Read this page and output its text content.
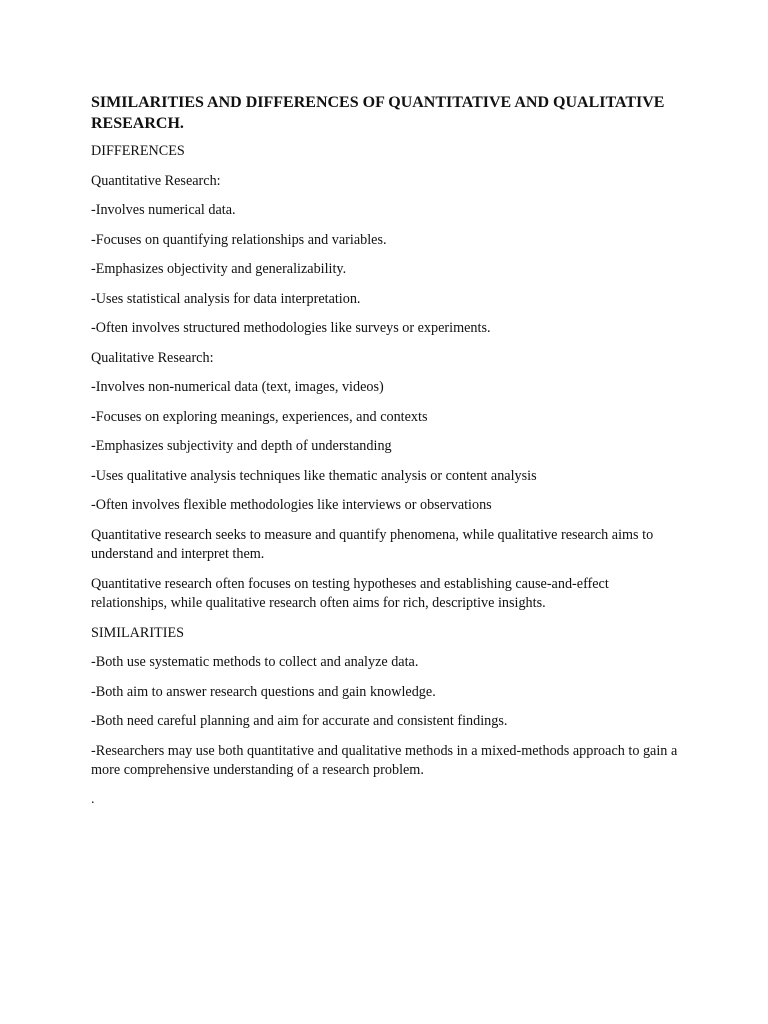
SIMILARITIES AND DIFFERENCES OF QUANTITATIVE AND QUALITATIVE RESEARCH.

DIFFERENCES

Quantitative Research:

-Involves numerical data.

-Focuses on quantifying relationships and variables.

-Emphasizes objectivity and generalizability.

-Uses statistical analysis for data interpretation.

-Often involves structured methodologies like surveys or experiments.

Qualitative Research:

-Involves non-numerical data (text, images, videos)

-Focuses on exploring meanings, experiences, and contexts

-Emphasizes subjectivity and depth of understanding

-Uses qualitative analysis techniques like thematic analysis or content analysis

-Often involves flexible methodologies like interviews or observations

Quantitative research seeks to measure and quantify phenomena, while qualitative research aims to understand and interpret them.

Quantitative research often focuses on testing hypotheses and establishing cause-and-effect relationships, while qualitative research often aims for rich, descriptive insights.

SIMILARITIES

-Both use systematic methods to collect and analyze data.

-Both aim to answer research questions and gain knowledge.

-Both need careful planning and aim for accurate and consistent findings.

-Researchers may use both quantitative and qualitative methods in a mixed-methods approach to gain a more comprehensive understanding of a research problem.

.
